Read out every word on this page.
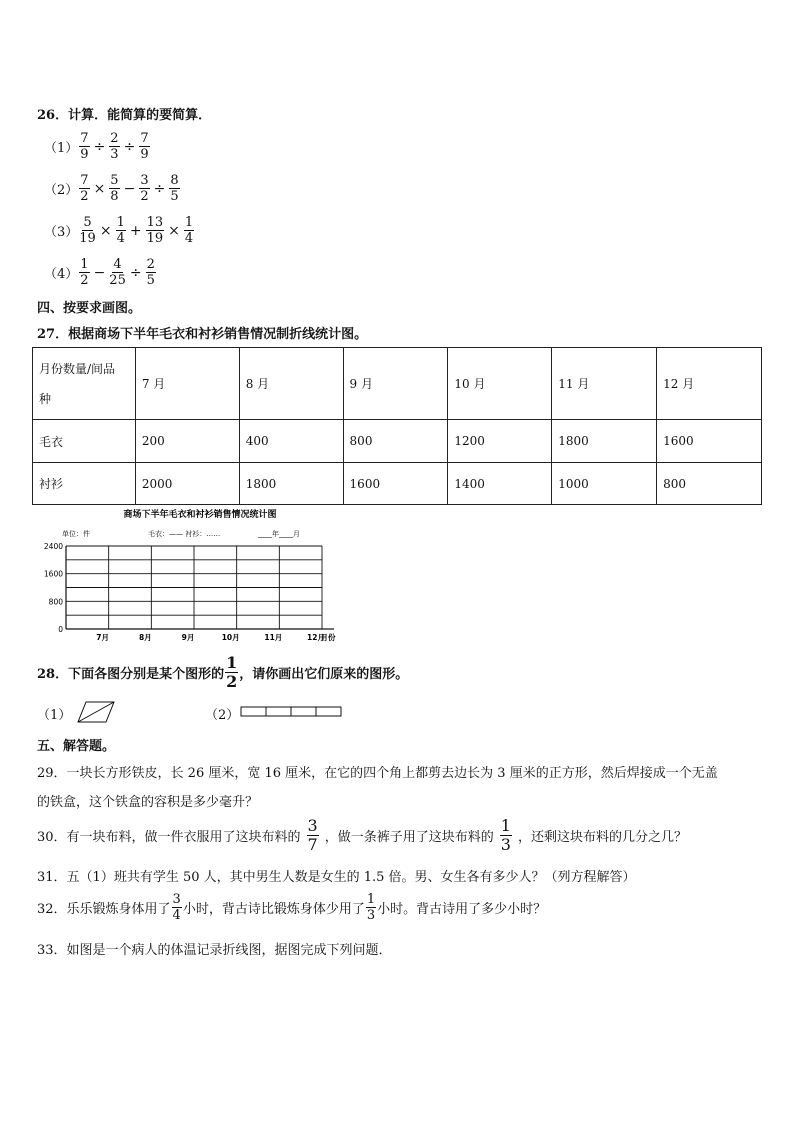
26．计算．能简算的要简算．
$(1) \frac{7}{9} \div \frac{2}{3} \div \frac{7}{9}$
$(2) \frac{7}{2} \times \frac{5}{8} - \frac{3}{2} \div \frac{8}{5}$
$(3) \frac{5}{19} \times \frac{1}{4} + \frac{13}{19} \times \frac{1}{4}$
$(4) \frac{1}{2} - \frac{4}{25} \div \frac{2}{5}$
四、按要求画图。
27．根据商场下半年毛衣和衬衫销售情况制折线统计图。
月份数量/间品
种	7 月	8 月	9 月	10 月	11 月	12 月
毛衣	200	400	800	1200	1800	1600
衬衫	2000	1800	1600	1400	1000	800
商场下半年毛衣和衬衫销售情况统计图
单位：件	毛衣：—— 衬衫：……	____年____月
0
800
1600
2400
7月	8月	9月	10月	11月	12月
月份
28．下面各图分别是某个图形的 $\frac{1}{2}$ ，请你画出它们原来的图形。
（1）	（2）
五、解答题。
29．一块长方形铁皮，长 26 厘米，宽 16 厘米，在它的四个角上都剪去边长为 3 厘米的正方形，然后焊接成一个无盖
的铁盒，这个铁盒的容积是多少毫升？
30．有一块布料，做一件衣服用了这块布料的 $\frac{3}{7}$ ，做一条裤子用了这块布料的 $\frac{1}{3}$ ，还剩这块布料的几分之几？
31．五（1）班共有学生 50 人，其中男生人数是女生的 1.5 倍。男、女生各有多少人？（列方程解答）
32．乐乐锻炼身体用了 $\frac{3}{4}$ 小时，背古诗比锻炼身体少用了 $\frac{1}{3}$ 小时。背古诗用了多少小时？
33．如图是一个病人的体温记录折线图，据图完成下列问题．
